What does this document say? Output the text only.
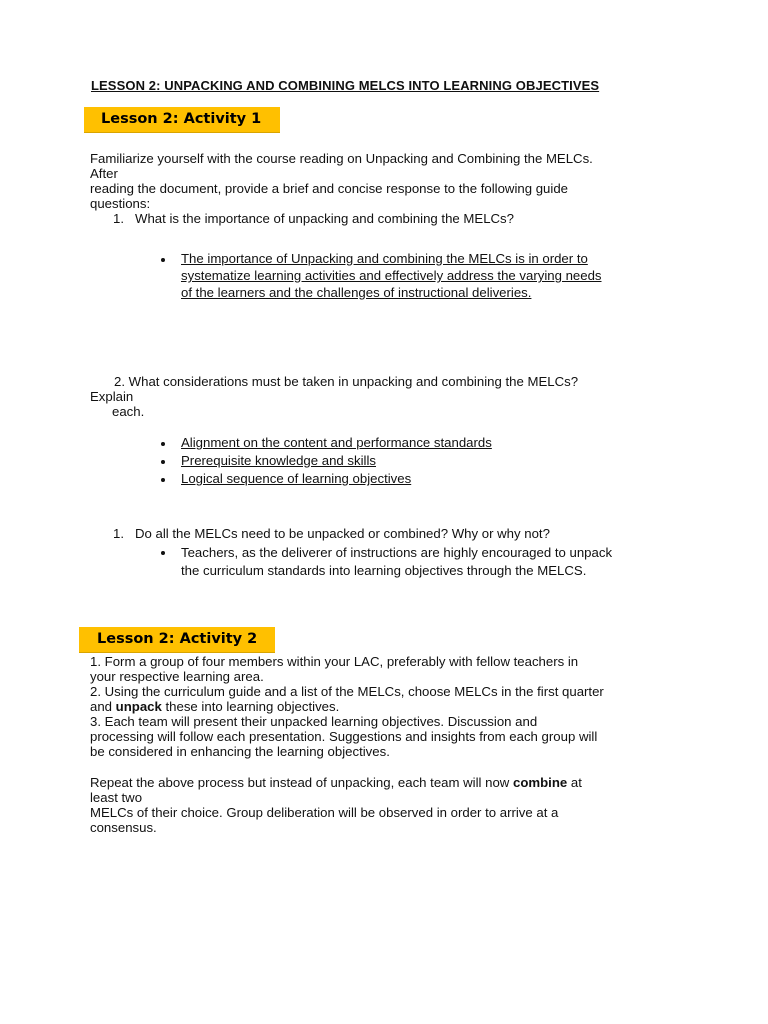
LESSON 2: UNPACKING AND COMBINING MELCS INTO LEARNING OBJECTIVES
Lesson 2: Activity 1
Familiarize yourself with the course reading on Unpacking and Combining the MELCs.
After
reading the document, provide a brief and concise response to the following guide
questions:
1. What is the importance of unpacking and combining the MELCs?
The importance of Unpacking and combining the MELCs is in order to
systematize learning activities and effectively address the varying needs
of the learners and the challenges of instructional deliveries.
2. What considerations must be taken in unpacking and combining the MELCs?
Explain
each.
Alignment on the content and performance standards
Prerequisite knowledge and skills
Logical sequence of learning objectives
1. Do all the MELCs need to be unpacked or combined? Why or why not?
Teachers, as the deliverer of instructions are highly encouraged to unpack
the curriculum standards into learning objectives through the MELCS.
Lesson 2: Activity 2
1. Form a group of four members within your LAC, preferably with fellow teachers in
your respective learning area.
2. Using the curriculum guide and a list of the MELCs, choose MELCs in the first quarter
and unpack these into learning objectives.
3. Each team will present their unpacked learning objectives. Discussion and
processing will follow each presentation. Suggestions and insights from each group will
be considered in enhancing the learning objectives.
Repeat the above process but instead of unpacking, each team will now combine at
least two
MELCs of their choice. Group deliberation will be observed in order to arrive at a
consensus.
